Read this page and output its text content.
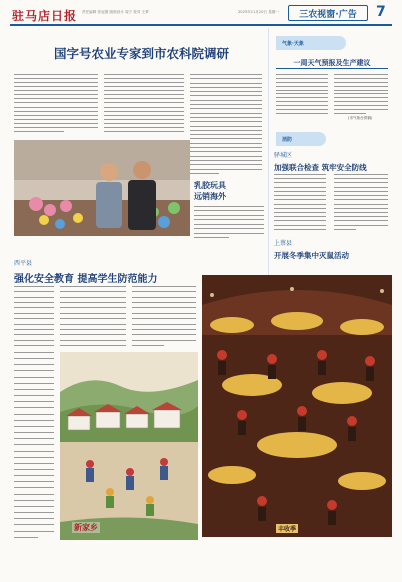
驻马店日报 责任编辑 张冠德 版面设计 周宁 校对 王梦	2025年11月20日 星期一	三农视窗·广告	7
国字号农业专家到市农科院调研
乳胶玩具
远销海外
气象·天象
一周天气预报及生产建议
(市气象台供稿)
消防
驿城区
加强联合检查 筑牢安全防线
上蔡县
开展冬季集中灭鼠活动
西平县
强化安全教育 提高学生防范能力
新家乡	丰收季
